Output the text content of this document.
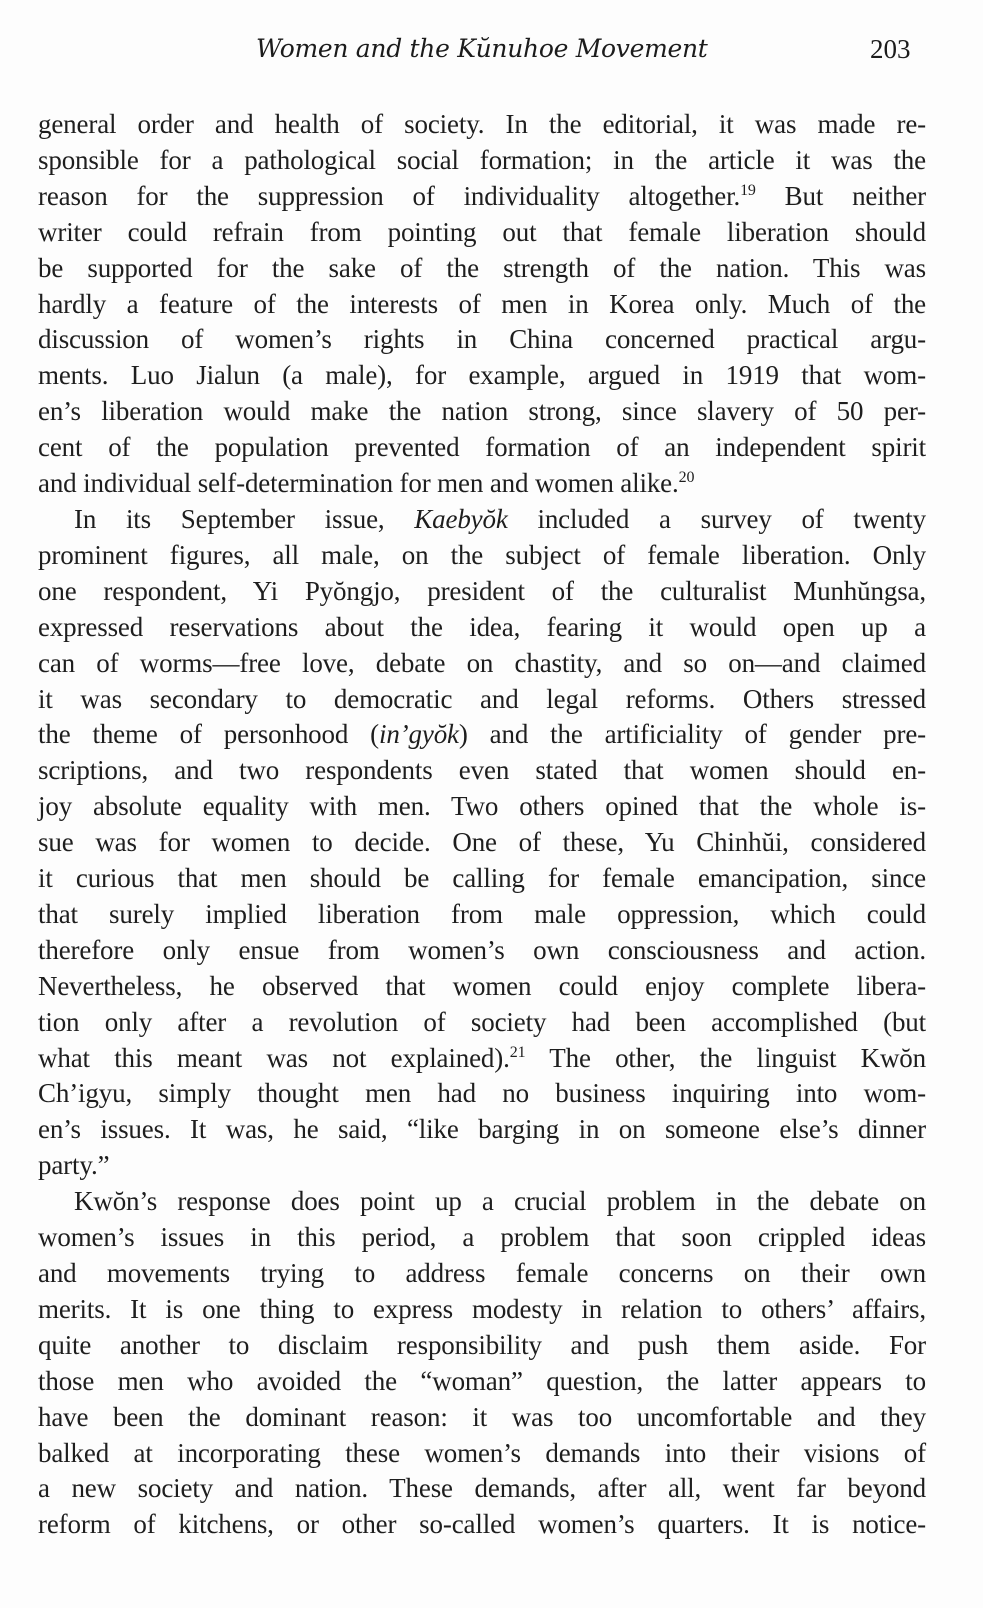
Women and the Kŭnuhoe Movement	203
general order and health of society. In the editorial, it was made re-
sponsible for a pathological social formation; in the article it was the
reason for the suppression of individuality altogether.$^{19}$ But neither
writer could refrain from pointing out that female liberation should
be supported for the sake of the strength of the nation. This was
hardly a feature of the interests of men in Korea only. Much of the
discussion of women’s rights in China concerned practical argu-
ments. Luo Jialun (a male), for example, argued in 1919 that wom-
en’s liberation would make the nation strong, since slavery of 50 per-
cent of the population prevented formation of an independent spirit
and individual self-determination for men and women alike.$^{20}$
In its September issue, Kaebyŏk included a survey of twenty
prominent figures, all male, on the subject of female liberation. Only
one respondent, Yi Pyŏngjo, president of the culturalist Munhŭngsa,
expressed reservations about the idea, fearing it would open up a
can of worms—free love, debate on chastity, and so on—and claimed
it was secondary to democratic and legal reforms. Others stressed
the theme of personhood (in’gyŏk) and the artificiality of gender pre-
scriptions, and two respondents even stated that women should en-
joy absolute equality with men. Two others opined that the whole is-
sue was for women to decide. One of these, Yu Chinhŭi, considered
it curious that men should be calling for female emancipation, since
that surely implied liberation from male oppression, which could
therefore only ensue from women’s own consciousness and action.
Nevertheless, he observed that women could enjoy complete libera-
tion only after a revolution of society had been accomplished (but
what this meant was not explained).$^{21}$ The other, the linguist Kwŏn
Ch’igyu, simply thought men had no business inquiring into wom-
en’s issues. It was, he said, “like barging in on someone else’s dinner
party.”
Kwŏn’s response does point up a crucial problem in the debate on
women’s issues in this period, a problem that soon crippled ideas
and movements trying to address female concerns on their own
merits. It is one thing to express modesty in relation to others’ affairs,
quite another to disclaim responsibility and push them aside. For
those men who avoided the “woman” question, the latter appears to
have been the dominant reason: it was too uncomfortable and they
balked at incorporating these women’s demands into their visions of
a new society and nation. These demands, after all, went far beyond
reform of kitchens, or other so-called women’s quarters. It is notice-
